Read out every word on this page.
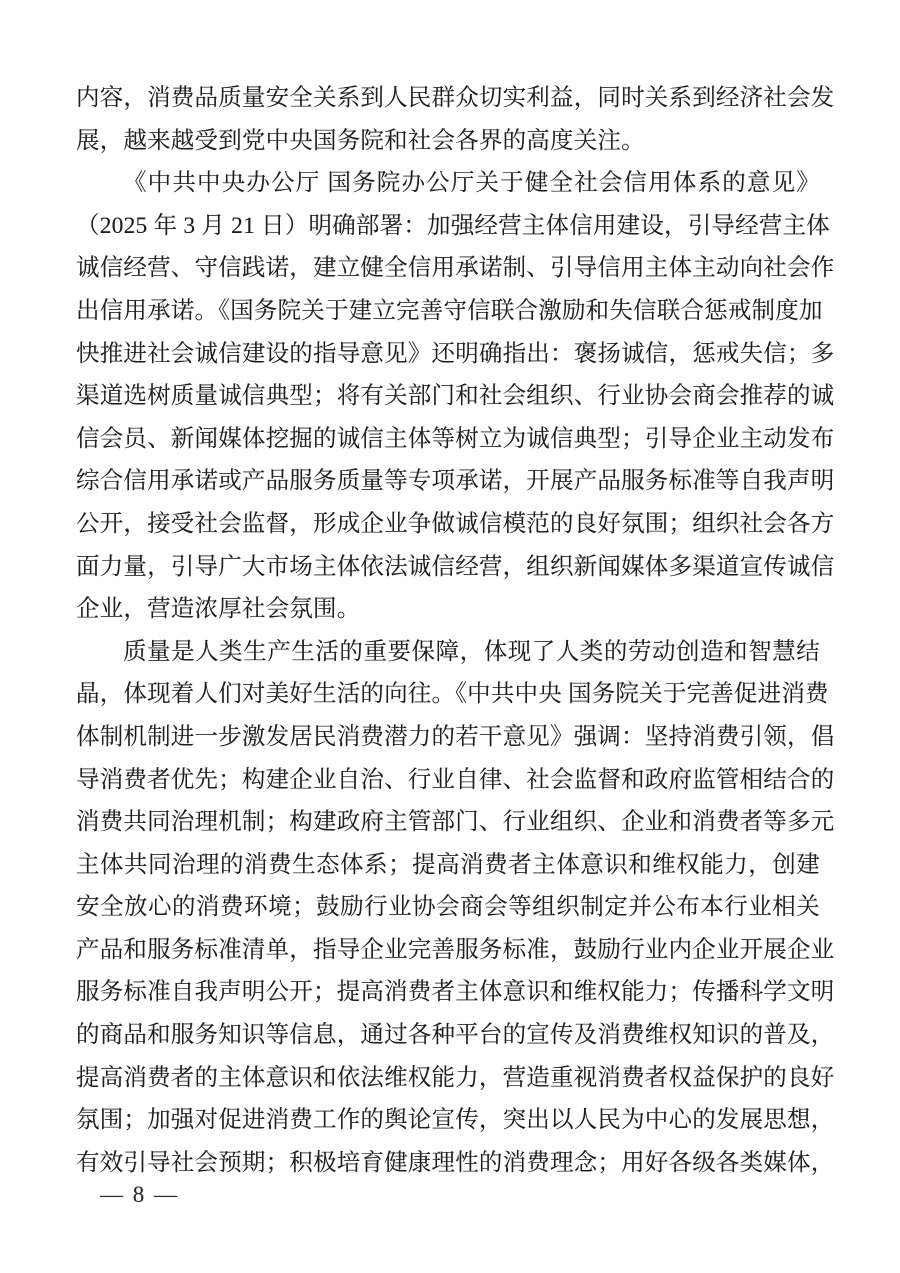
内容，消费品质量安全关系到人民群众切实利益，同时关系到经济社会发
展，越来越受到党中央国务院和社会各界的高度关注。
《中共中央办公厅 国务院办公厅关于健全社会信用体系的意见》
（2025 年 3 月 21 日）明确部署：加强经营主体信用建设，引导经营主体
诚信经营、守信践诺，建立健全信用承诺制、引导信用主体主动向社会作
出信用承诺。《国务院关于建立完善守信联合激励和失信联合惩戒制度加
快推进社会诚信建设的指导意见》还明确指出：褒扬诚信，惩戒失信；多
渠道选树质量诚信典型；将有关部门和社会组织、行业协会商会推荐的诚
信会员、新闻媒体挖掘的诚信主体等树立为诚信典型；引导企业主动发布
综合信用承诺或产品服务质量等专项承诺，开展产品服务标准等自我声明
公开，接受社会监督，形成企业争做诚信模范的良好氛围；组织社会各方
面力量，引导广大市场主体依法诚信经营，组织新闻媒体多渠道宣传诚信
企业，营造浓厚社会氛围。
质量是人类生产生活的重要保障，体现了人类的劳动创造和智慧结
晶，体现着人们对美好生活的向往。《中共中央 国务院关于完善促进消费
体制机制进一步激发居民消费潜力的若干意见》强调：坚持消费引领，倡
导消费者优先；构建企业自治、行业自律、社会监督和政府监管相结合的
消费共同治理机制；构建政府主管部门、行业组织、企业和消费者等多元
主体共同治理的消费生态体系；提高消费者主体意识和维权能力，创建
安全放心的消费环境；鼓励行业协会商会等组织制定并公布本行业相关
产品和服务标准清单，指导企业完善服务标准，鼓励行业内企业开展企业
服务标准自我声明公开；提高消费者主体意识和维权能力；传播科学文明
的商品和服务知识等信息，通过各种平台的宣传及消费维权知识的普及，
提高消费者的主体意识和依法维权能力，营造重视消费者权益保护的良好
氛围；加强对促进消费工作的舆论宣传，突出以人民为中心的发展思想，
有效引导社会预期；积极培育健康理性的消费理念；用好各级各类媒体，
— 8 —
